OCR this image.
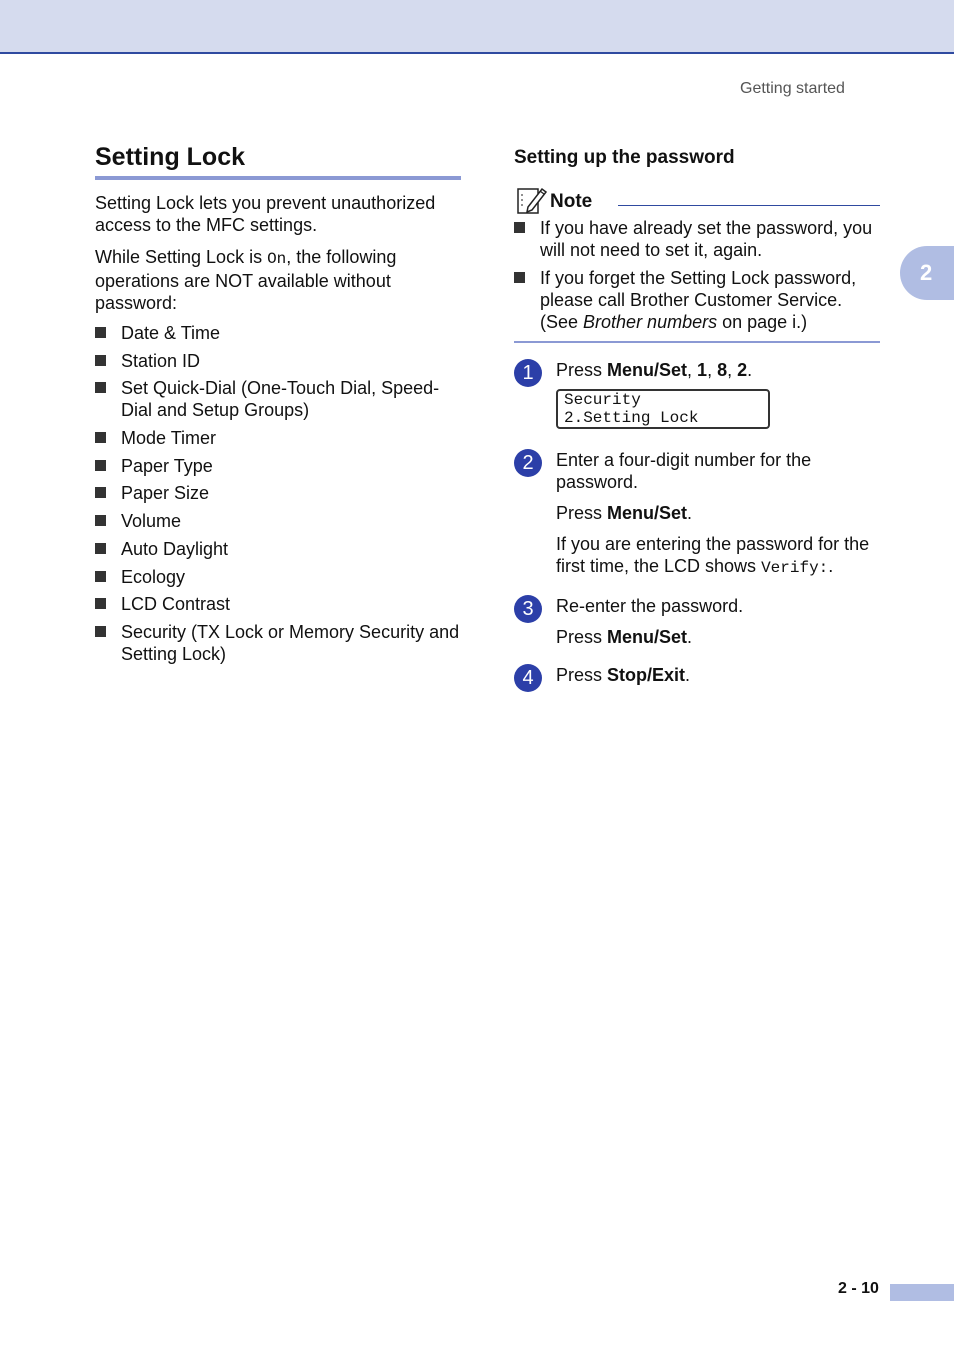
Getting started
2
Setting Lock

Setting Lock lets you prevent unauthorized access to the MFC settings.

While Setting Lock is On, the following operations are NOT available without password:

Date & Time
Station ID
Set Quick-Dial (One-Touch Dial, Speed-Dial and Setup Groups)
Mode Timer
Paper Type
Paper Size
Volume
Auto Daylight
Ecology
LCD Contrast
Security (TX Lock or Memory Security and Setting Lock)
Setting up the password
Note
If you have already set the password, you will not need to set it, again.
If you forget the Setting Lock password, please call Brother Customer Service. (See Brother numbers on page i.)
1	Press Menu/Set, 1, 8, 2.

Security
2.Setting Lock
2	Enter a four-digit number for the password.

Press Menu/Set.

If you are entering the password for the first time, the LCD shows Verify:.

3	Re-enter the password.

Press Menu/Set.

4	Press Stop/Exit.

2 - 10
